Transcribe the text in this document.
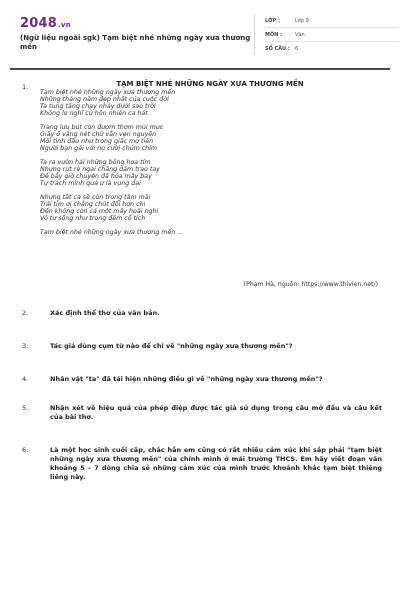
2048.vn
(Ngữ liệu ngoài sgk) Tạm biệt nhé những ngày xưa thương mến
LỚP :	Lớp 9
MÔN :	Văn
SỐ CÂU :	6
1.	TẠM BIỆT NHÉ NHỮNG NGÀY XƯA THƯƠNG MẾN
Tạm biệt nhé những ngày xưa thương mến
Những tháng năm đẹp nhất của cuộc đời
Ta tung tăng chạy nhảy dưới sao trời
Không lo nghĩ cứ hồn nhiên ca hát
Trang lưu bút còn đượm thơm mùi mực
Giấy ố vàng nét chữ vẫn vẹn nguyên
Mối tình đầu như trong giấc mơ tiên
Người bạn gái với nụ cười chúm chím
Ta ra vườn hái những bông hoa tím
Nhưng rụt rè ngại chẳng dám trao tay
Để bây giờ chuyện đã hóa mây bay
Tự trách mình quá ư là vụng dại
Nhưng tất cả sẽ còn trong tâm mãi
Trái tim ơi chẳng chút đổi hơn chi
Đến không còn cả một mây hoài nghi
Vô tư sống như trong đêm cổ tích
Tạm biệt nhé những ngày xưa thương mến ...
(Phạm Hà, nguồn: https://www.thivien.net/)
2.	Xác định thể thơ của văn bản.
3.	Tác giả dùng cụm từ nào để chỉ về "những ngày xưa thương mến"?
4.	Nhân vật "ta" đã tái hiện những điều gì về "những ngày xưa thương mến"?
5.	Nhận xét về hiệu quả của phép điệp được tác giả sử dụng trong câu mở đầu và câu kết của bài thơ.
6.	Là một học sinh cuối cấp, chắc hẳn em cũng có rất nhiều cảm xúc khi sắp phải "tạm biệt những ngày xưa thương mến" của chính mình ở mái trường THCS. Em hãy viết đoạn văn khoảng 5 – 7 dòng chia sẻ những cảm xúc của mình trước khoảnh khắc tạm biệt thiêng liêng này.
